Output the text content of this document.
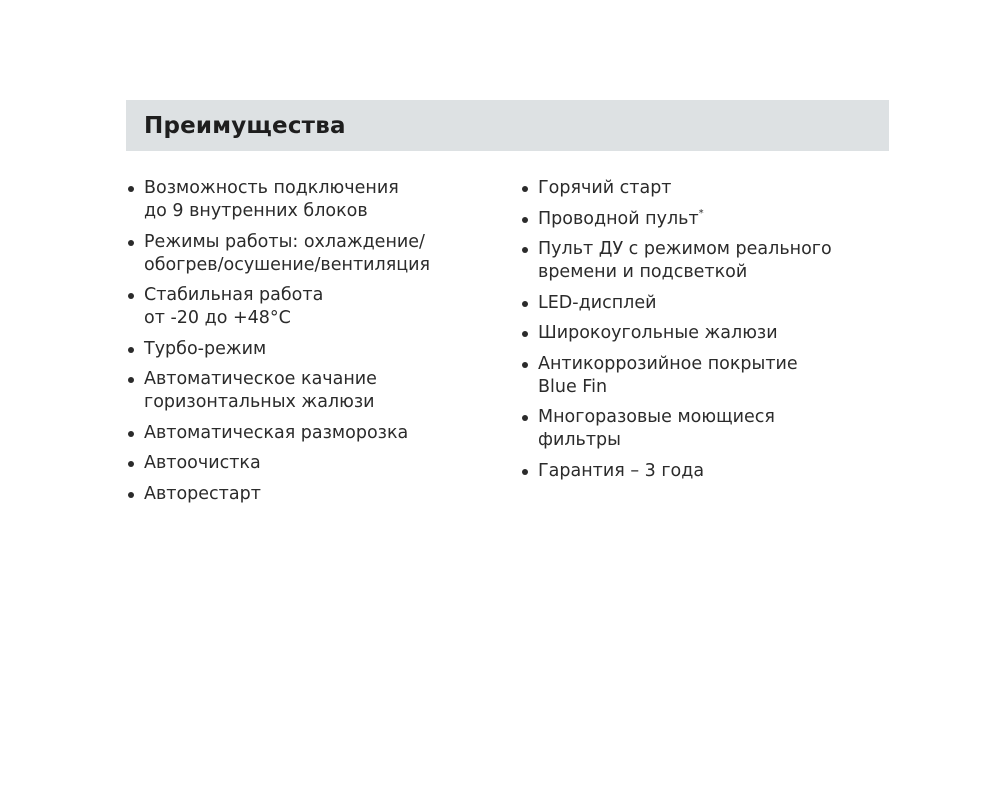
Преимущества
Возможность подключения
до 9 внутренних блоков
Режимы работы: охлаждение/
обогрев/осушение/вентиляция
Стабильная работа
от -20 до +48°С
Турбо-режим
Автоматическое качание
горизонтальных жалюзи
Автоматическая разморозка
Автоочистка
Авторестарт
Горячий старт
Проводной пульт*
Пульт ДУ с режимом реального
времени и подсветкой
LED-дисплей
Широкоугольные жалюзи
Антикоррозийное покрытие
Blue Fin
Многоразовые моющиеся
фильтры
Гарантия – 3 года
